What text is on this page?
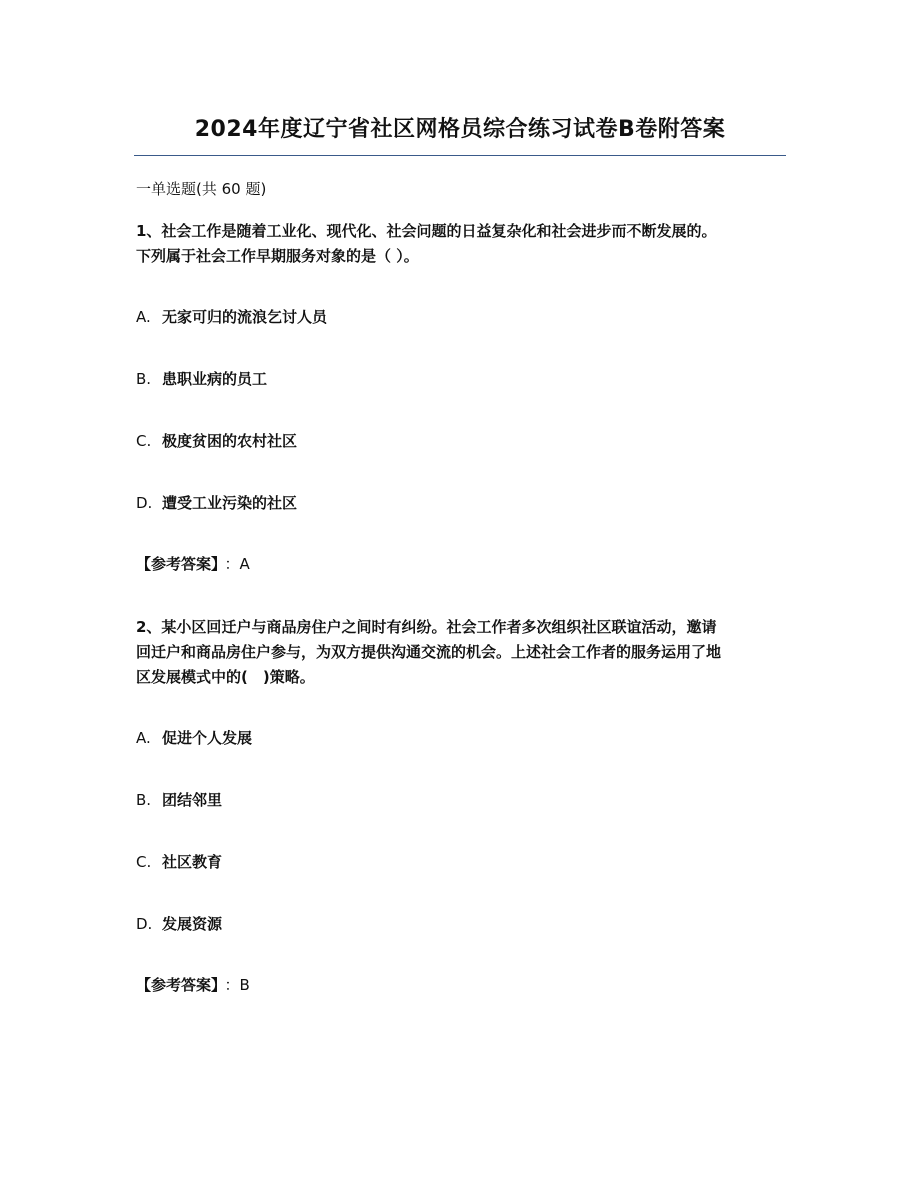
2024年度辽宁省社区网格员综合练习试卷B卷附答案
一单选题(共 60 题)
1、社会工作是随着工业化、现代化、社会问题的日益复杂化和社会进步而不断发展的。
下列属于社会工作早期服务对象的是（ ）。
A. 无家可归的流浪乞讨人员
B. 患职业病的员工
C. 极度贫困的农村社区
D. 遭受工业污染的社区
【参考答案】 ：A
2、某小区回迁户与商品房住户之间时有纠纷。社会工作者多次组织社区联谊活动，邀请
回迁户和商品房住户参与，为双方提供沟通交流的机会。上述社会工作者的服务运用了地
区发展模式中的(　)策略。
A. 促进个人发展
B. 团结邻里
C. 社区教育
D. 发展资源
【参考答案】 ：B
